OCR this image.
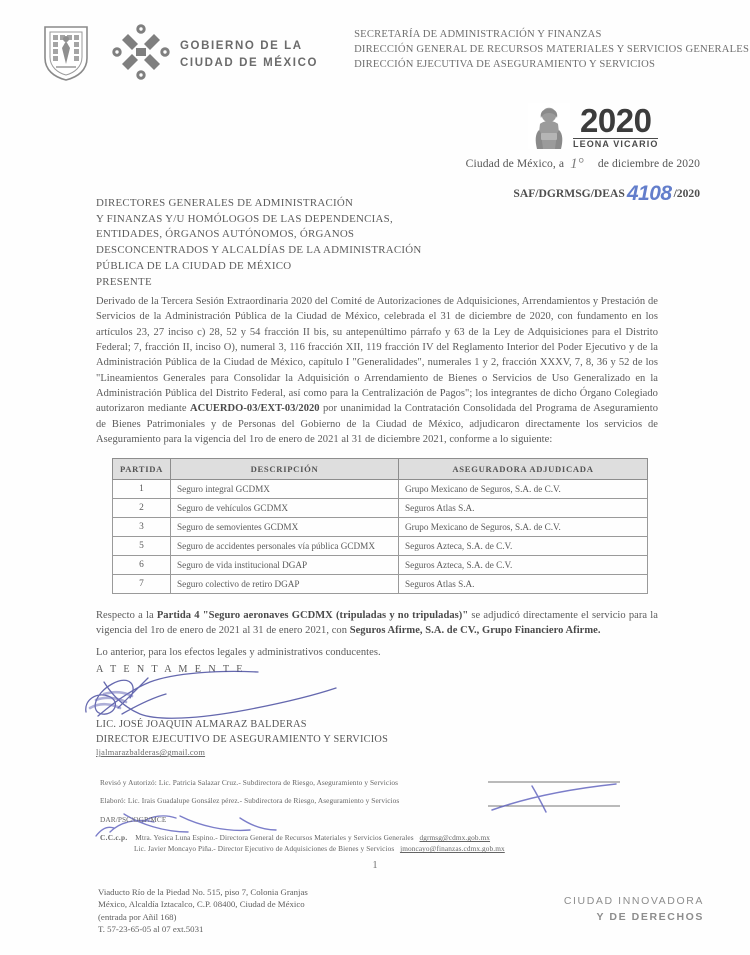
GOBIERNO DE LA
CIUDAD DE MÉXICO
SECRETARÍA DE ADMINISTRACIÓN Y FINANZAS
DIRECCIÓN GENERAL DE RECURSOS MATERIALES Y SERVICIOS GENERALES
DIRECCIÓN EJECUTIVA DE ASEGURAMIENTO Y SERVICIOS
2020
LEONA VICARIO
Ciudad de México, a 1° de diciembre de 2020
SAF/DGRMSG/DEAS4108 /2020
DIRECTORES GENERALES DE ADMINISTRACIÓN
Y FINANZAS Y/U HOMÓLOGOS DE LAS DEPENDENCIAS,
ENTIDADES, ÓRGANOS AUTÓNOMOS, ÓRGANOS
DESCONCENTRADOS Y ALCALDÍAS DE LA ADMINISTRACIÓN
PÚBLICA DE LA CIUDAD DE MÉXICO
PRESENTE
Derivado de la Tercera Sesión Extraordinaria 2020 del Comité de Autorizaciones de Adquisiciones, Arrendamientos y Prestación de Servicios de la Administración Pública de la Ciudad de México, celebrada el 31 de diciembre de 2020, con fundamento en los artículos 23, 27 inciso c) 28, 52 y 54 fracción II bis, su antepenúltimo párrafo y 63 de la Ley de Adquisiciones para el Distrito Federal; 7, fracción II, inciso O), numeral 3, 116 fracción XII, 119 fracción IV del Reglamento Interior del Poder Ejecutivo y de la Administración Pública de la Ciudad de México, capítulo I "Generalidades", numerales 1 y 2, fracción XXXV, 7, 8, 36 y 52 de los "Lineamientos Generales para Consolidar la Adquisición o Arrendamiento de Bienes o Servicios de Uso Generalizado en la Administración Pública del Distrito Federal, así como para la Centralización de Pagos"; los integrantes de dicho Órgano Colegiado autorizaron mediante ACUERDO-03/EXT-03/2020 por unanimidad la Contratación Consolidada del Programa de Aseguramiento de Bienes Patrimoniales y de Personas del Gobierno de la Ciudad de México, adjudicaron directamente los servicios de Aseguramiento para la vigencia del 1ro de enero de 2021 al 31 de diciembre 2021, conforme a lo siguiente:
PARTIDA	DESCRIPCIÓN	ASEGURADORA ADJUDICADA
1	Seguro integral GCDMX	Grupo Mexicano de Seguros, S.A. de C.V.
2	Seguro de vehículos GCDMX	Seguros Atlas S.A.
3	Seguro de semovientes GCDMX	Grupo Mexicano de Seguros, S.A. de C.V.
5	Seguro de accidentes personales vía pública GCDMX	Seguros Azteca, S.A. de C.V.
6	Seguro de vida institucional DGAP	Seguros Azteca, S.A. de C.V.
7	Seguro colectivo de retiro DGAP	Seguros Atlas S.A.
Respecto a la Partida 4 "Seguro aeronaves GCDMX (tripuladas y no tripuladas)" se adjudicó directamente el servicio para la vigencia del 1ro de enero de 2021 al 31 de enero 2021, con Seguros Afirme, S.A. de CV., Grupo Financiero Afirme.
Lo anterior, para los efectos legales y administrativos conducentes.
A T E N T A M E N T E
LIC. JOSÉ JOAQUIN ALMARAZ BALDERAS
DIRECTOR EJECUTIVO DE ASEGURAMIENTO Y SERVICIOS
ljalmarazbalderas@gmail.com
Revisó y Autorizó: Lic. Patricia Salazar Cruz.- Subdirectora de Riesgo, Aseguramiento y Servicios
Elaboró: Lic. Irais Guadalupe Gonsález pérez.- Subdirectora de Riesgo, Aseguramiento y Servicios
DAR/PSC/OGP/MCE
C.C.c.p. Mtra. Yesica Luna Espino.- Directora General de Recursos Materiales y Servicios Generales dgrmsg@cdmx.gob.mx
Lic. Javier Moncayo Piña.- Director Ejecutivo de Adquisiciones de Bienes y Servicios jmoncayo@finanzas.cdmx.gob.mx
1
Viaducto Río de la Piedad No. 515, piso 7, Colonia Granjas
México, Alcaldía Iztacalco, C.P. 08400, Ciudad de México
(entrada por Añil 168)
T. 57-23-65-05 al 07 ext.5031
CIUDAD INNOVADORA
Y DE DERECHOS
